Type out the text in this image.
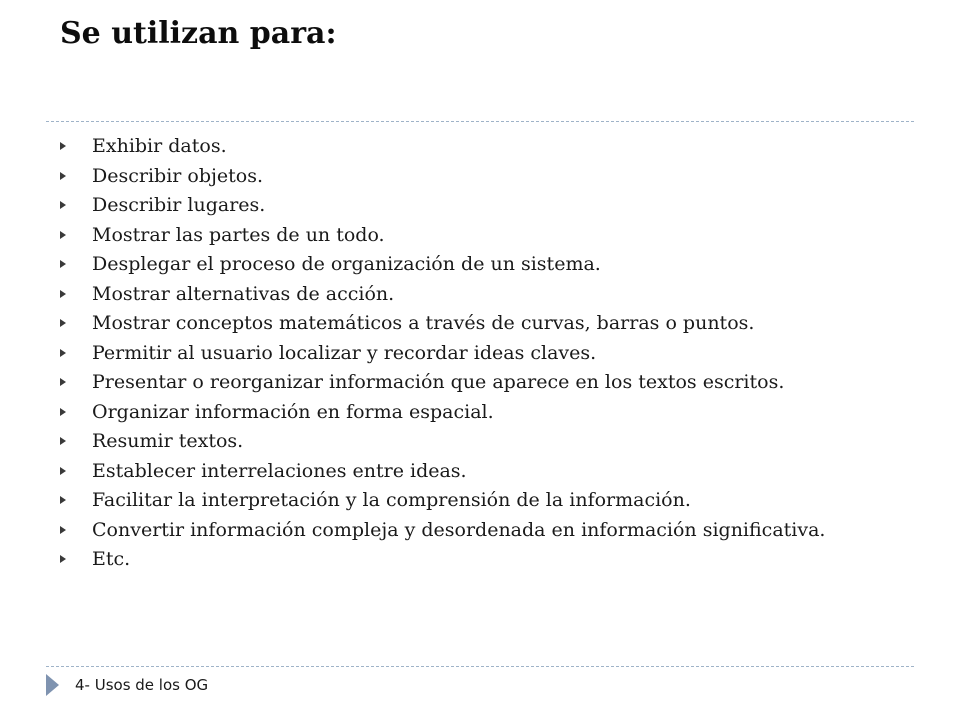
Se utilizan para:
Exhibir datos.
Describir objetos.
Describir lugares.
Mostrar las partes de un todo.
Desplegar el proceso de organización de un sistema.
Mostrar alternativas de acción.
Mostrar conceptos matemáticos a través de curvas, barras o puntos.
Permitir al usuario localizar y recordar ideas claves.
Presentar o reorganizar información que aparece en los textos escritos.
Organizar información en forma espacial.
Resumir textos.
Establecer interrelaciones entre ideas.
Facilitar la interpretación y la comprensión de la información.
Convertir información compleja y desordenada en información significativa.
Etc.
4- Usos de los OG
